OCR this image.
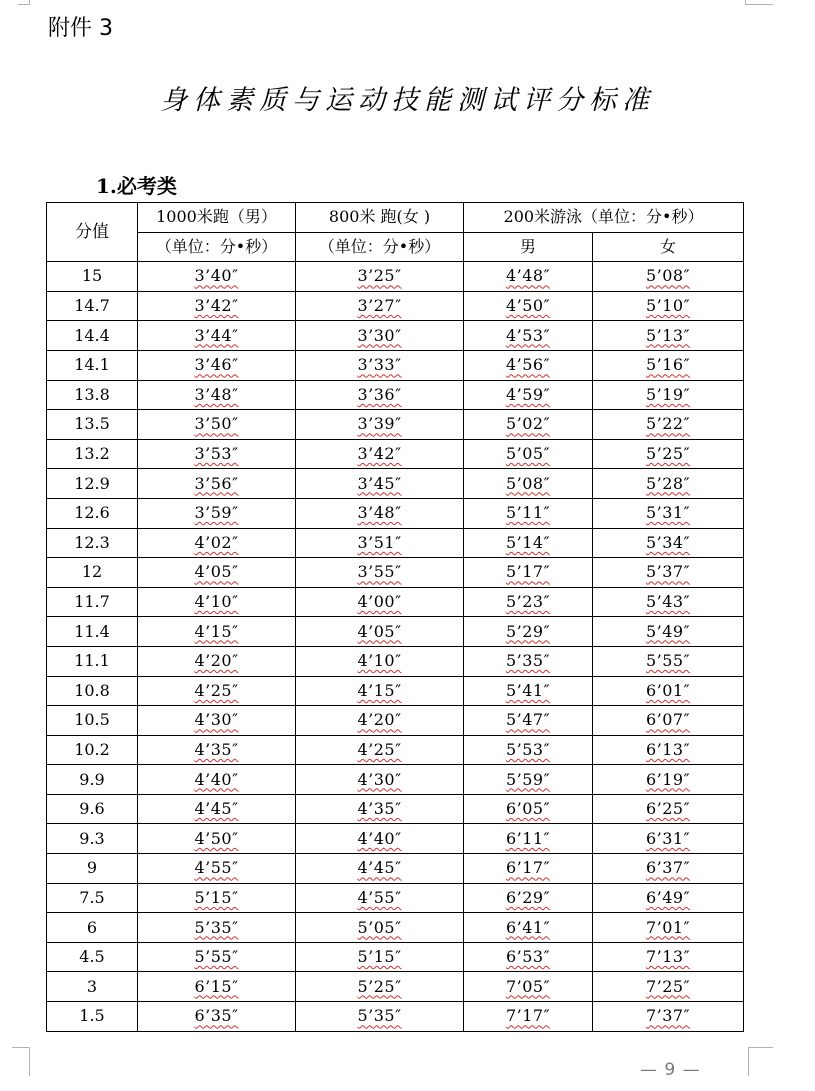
附件 3
身体素质与运动技能测试评分标准
1.必考类
分值	1000米跑（男）	800米 跑(女 )	200米游泳（单位：分•秒）	
	（单位：分•秒）	（单位：分•秒）	男	女
15	3’40″	3’25″	4’48″	5’08″
14.7	3’42″	3’27″	4’50″	5’10″
14.4	3’44″	3’30″	4’53″	5’13″
14.1	3’46″	3’33″	4’56″	5’16″
13.8	3’48″	3’36″	4’59″	5’19″
13.5	3’50″	3’39″	5’02″	5’22″
13.2	3’53″	3’42″	5’05″	5’25″
12.9	3’56″	3’45″	5’08″	5’28″
12.6	3’59″	3’48″	5’11″	5’31″
12.3	4’02″	3’51″	5’14″	5’34″
12	4’05″	3’55″	5’17″	5’37″
11.7	4’10″	4’00″	5’23″	5’43″
11.4	4’15″	4’05″	5’29″	5’49″
11.1	4’20″	4’10″	5’35″	5’55″
10.8	4’25″	4’15″	5’41″	6’01″
10.5	4’30″	4’20″	5’47″	6’07″
10.2	4’35″	4’25″	5’53″	6’13″
9.9	4’40″	4’30″	5’59″	6’19″
9.6	4’45″	4’35″	6’05″	6’25″
9.3	4’50″	4’40″	6’11″	6’31″
9	4’55″	4’45″	6’17″	6’37″
7.5	5’15″	4’55″	6’29″	6’49″
6	5’35″	5’05″	6’41″	7’01″
4.5	5’55″	5’15″	6’53″	7’13″
3	6’15″	5’25″	7’05″	7’25″
1.5	6’35″	5’35″	7’17″	7’37″
— 9 —
